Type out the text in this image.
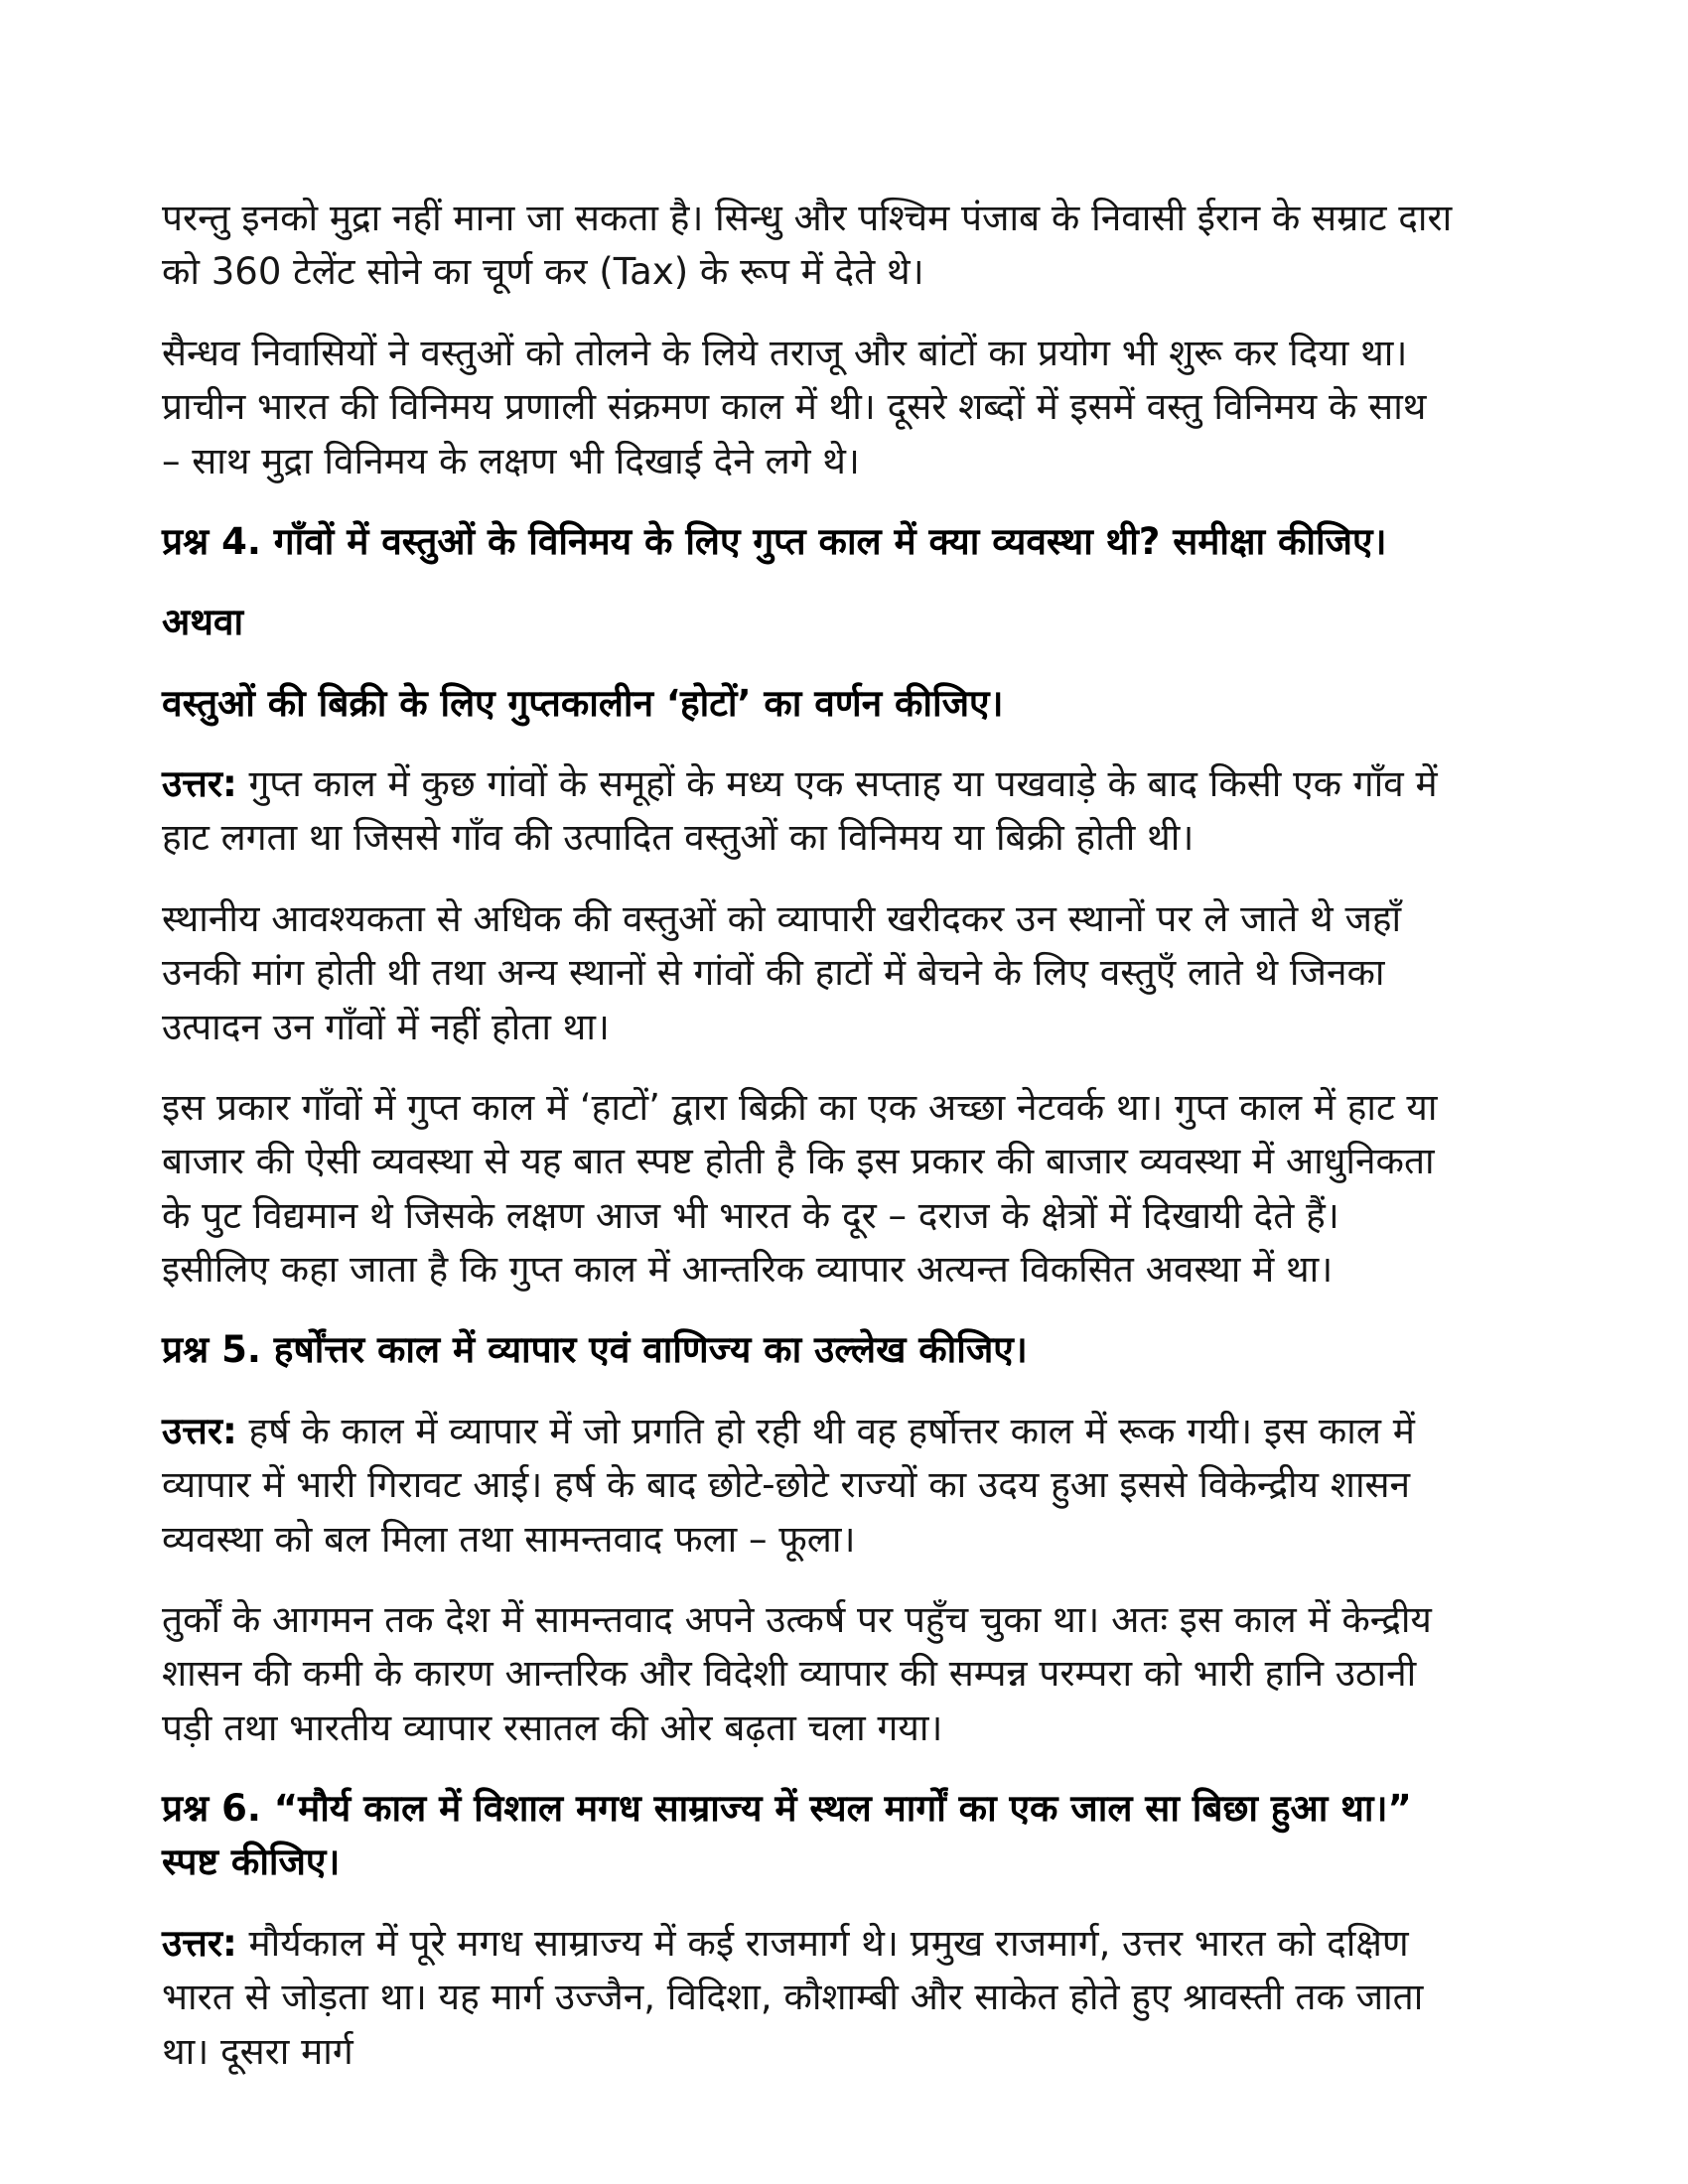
परन्तु इनको मुद्रा नहीं माना जा सकता है। सिन्धु और पश्चिम पंजाब के निवासी ईरान के सम्राट दारा को 360 टेलेंट सोने का चूर्ण कर (Tax) के रूप में देते थे।

सैन्धव निवासियों ने वस्तुओं को तोलने के लिये तराजू और बांटों का प्रयोग भी शुरू कर दिया था। प्राचीन भारत की विनिमय प्रणाली संक्रमण काल में थी। दूसरे शब्दों में इसमें वस्तु विनिमय के साथ – साथ मुद्रा विनिमय के लक्षण भी दिखाई देने लगे थे।

प्रश्न 4. गाँवों में वस्तुओं के विनिमय के लिए गुप्त काल में क्या व्यवस्था थी? समीक्षा कीजिए।

अथवा

वस्तुओं की बिक्री के लिए गुप्तकालीन ‘होटों’ का वर्णन कीजिए।

उत्तर: गुप्त काल में कुछ गांवों के समूहों के मध्य एक सप्ताह या पखवाड़े के बाद किसी एक गाँव में हाट लगता था जिससे गाँव की उत्पादित वस्तुओं का विनिमय या बिक्री होती थी।

स्थानीय आवश्यकता से अधिक की वस्तुओं को व्यापारी खरीदकर उन स्थानों पर ले जाते थे जहाँ उनकी मांग होती थी तथा अन्य स्थानों से गांवों की हाटों में बेचने के लिए वस्तुएँ लाते थे जिनका उत्पादन उन गाँवों में नहीं होता था।

इस प्रकार गाँवों में गुप्त काल में ‘हाटों’ द्वारा बिक्री का एक अच्छा नेटवर्क था। गुप्त काल में हाट या बाजार की ऐसी व्यवस्था से यह बात स्पष्ट होती है कि इस प्रकार की बाजार व्यवस्था में आधुनिकता के पुट विद्यमान थे जिसके लक्षण आज भी भारत के दूर – दराज के क्षेत्रों में दिखायी देते हैं। इसीलिए कहा जाता है कि गुप्त काल में आन्तरिक व्यापार अत्यन्त विकसित अवस्था में था।

प्रश्न 5. हर्षोंत्तर काल में व्यापार एवं वाणिज्य का उल्लेख कीजिए।

उत्तर: हर्ष के काल में व्यापार में जो प्रगति हो रही थी वह हर्षोत्तर काल में रूक गयी। इस काल में व्यापार में भारी गिरावट आई। हर्ष के बाद छोटे-छोटे राज्यों का उदय हुआ इससे विकेन्द्रीय शासन व्यवस्था को बल मिला तथा सामन्तवाद फला – फूला।

तुर्कों के आगमन तक देश में सामन्तवाद अपने उत्कर्ष पर पहुँच चुका था। अतः इस काल में केन्द्रीय शासन की कमी के कारण आन्तरिक और विदेशी व्यापार की सम्पन्न परम्परा को भारी हानि उठानी पड़ी तथा भारतीय व्यापार रसातल की ओर बढ़ता चला गया।

प्रश्न 6. “मौर्य काल में विशाल मगध साम्राज्य में स्थल मार्गों का एक जाल सा बिछा हुआ था।” स्पष्ट कीजिए।

उत्तर: मौर्यकाल में पूरे मगध साम्राज्य में कई राजमार्ग थे। प्रमुख राजमार्ग, उत्तर भारत को दक्षिण भारत से जोड़ता था। यह मार्ग उज्जैन, विदिशा, कौशाम्बी और साकेत होते हुए श्रावस्ती तक जाता था। दूसरा मार्ग
